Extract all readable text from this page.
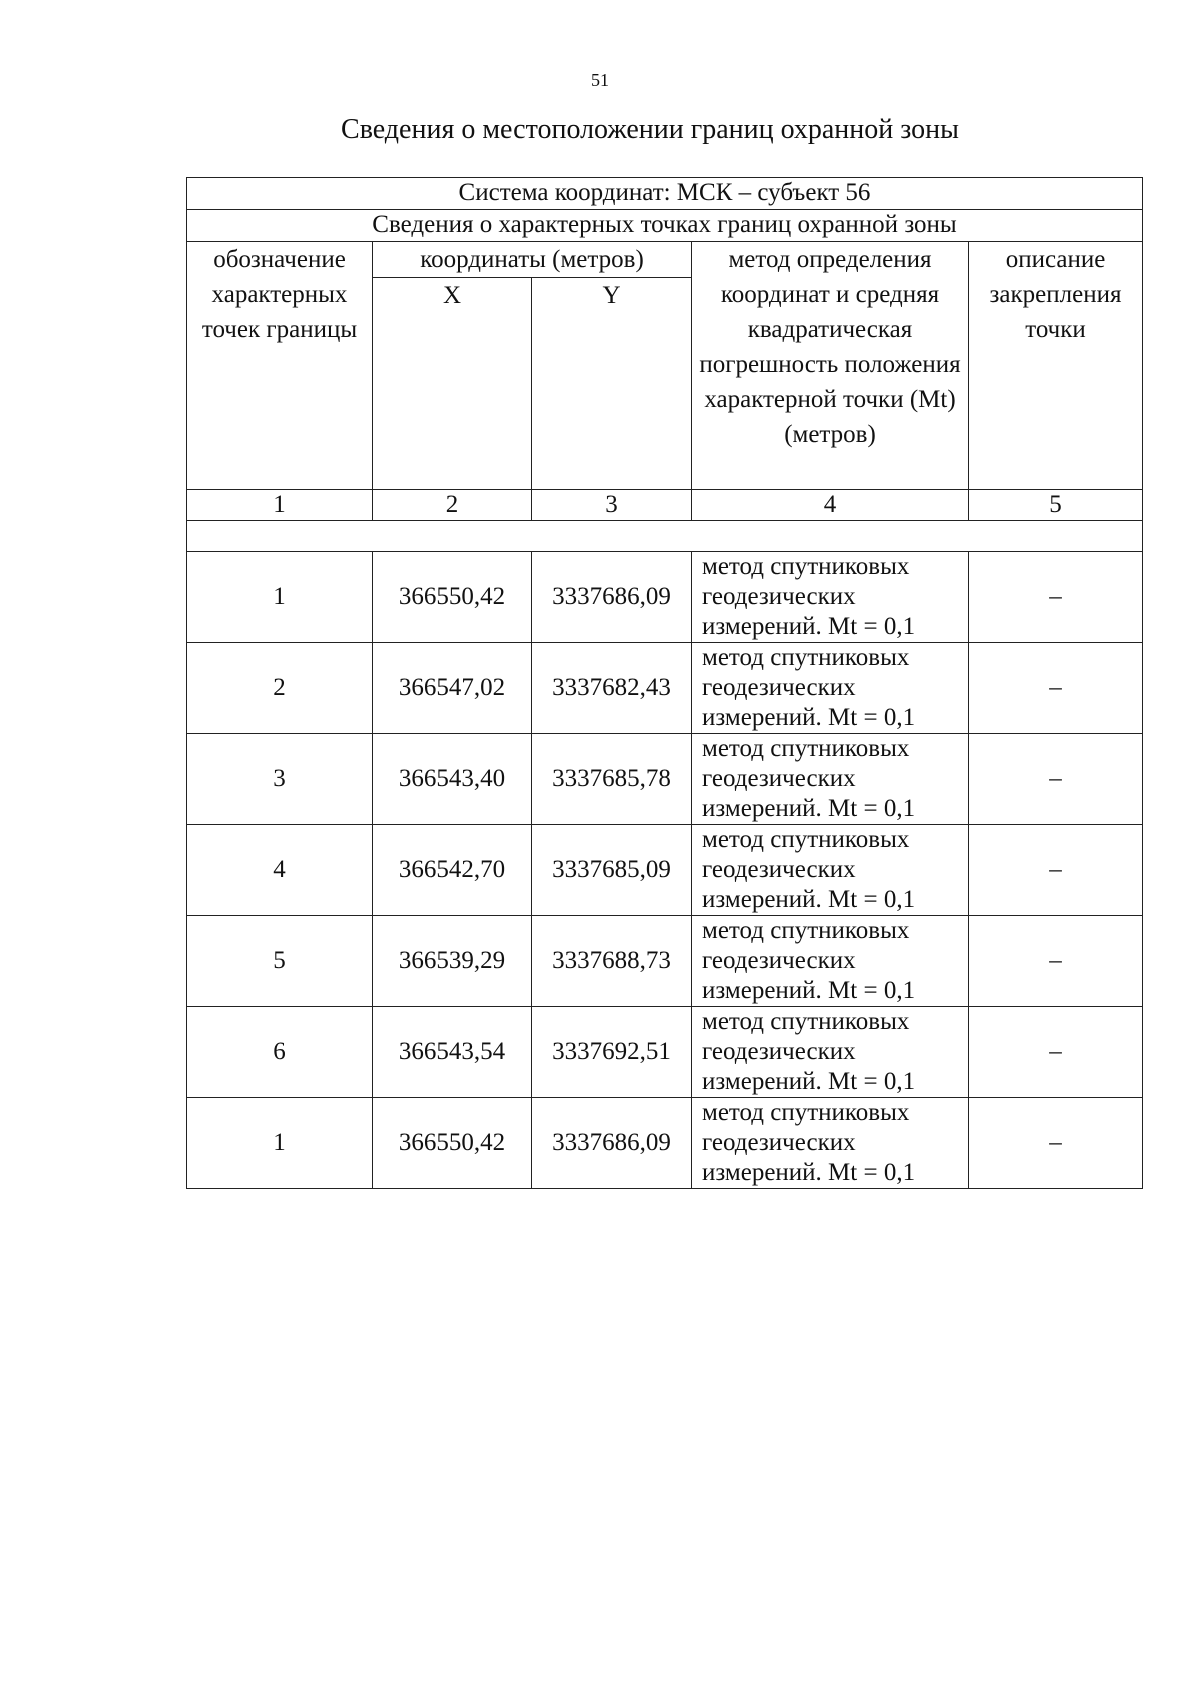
51
Сведения о местоположении границ охранной зоны
Система координат: МСК – субъект 56				
Сведения о характерных точках границ охранной зоны				
обозначение характерных точек границы	координаты (метров)		метод определения координат и средняя квадратическая погрешность положения характерной точки (Mt) (метров)	описание закрепления точки
	X	Y		
1	2	3	4	5

1	366550,42	3337686,09	метод спутниковых геодезических измерений. Mt = 0,1	–
2	366547,02	3337682,43	метод спутниковых геодезических измерений. Mt = 0,1	–
3	366543,40	3337685,78	метод спутниковых геодезических измерений. Mt = 0,1	–
4	366542,70	3337685,09	метод спутниковых геодезических измерений. Mt = 0,1	–
5	366539,29	3337688,73	метод спутниковых геодезических измерений. Mt = 0,1	–
6	366543,54	3337692,51	метод спутниковых геодезических измерений. Mt = 0,1	–
1	366550,42	3337686,09	метод спутниковых геодезических измерений. Mt = 0,1	–
